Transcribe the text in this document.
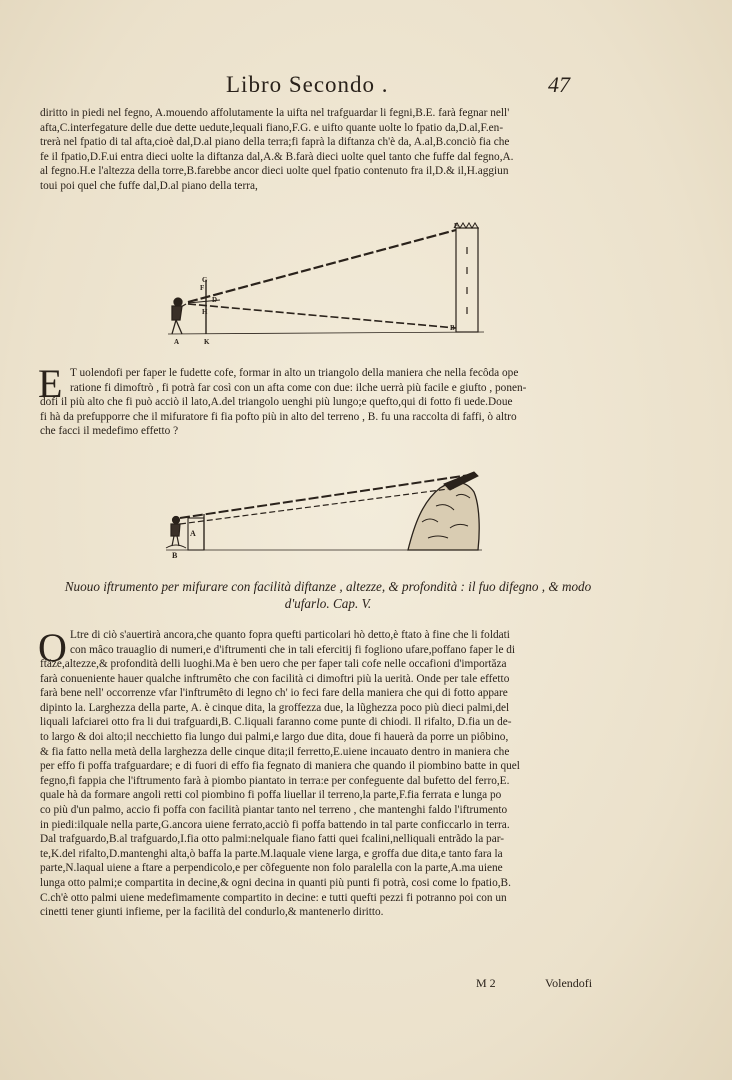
Libro Secondo .	47
diritto in piedi nel fegno, A.mouendo affolutamente la uifta nel trafguardar li fegni,B.E. farà fegnar nell'
afta,C.interfegature delle due dette uedute,lequali fiano,F.G. e uifto quante uolte lo fpatio da,D.al,F.en-
trerà nel fpatio di tal afta,cioè dal,D.al piano della terra;fi faprà la diftanza ch'è da, A.al,B.conciò fia che
fe il fpatio,D.F.ui entra dieci uolte la diftanza dal,A.& B.farà dieci uolte quel tanto che fuffe dal fegno,A.
al fegno.H.e l'altezza della torre,B.farebbe ancor dieci uolte quel fpatio contenuto fra il,D.& il,H.aggiun
toui poi quel che fuffe dal,D.al piano della terra,
E
G
F
D
B
A	K
H
E T uolendofi per faper le fudette cofe, formar in alto un triangolo della maniera che nella fecôda ope
ratione fi dimoftrò , fi potrà far così con un afta come con due: ilche uerrà più facile e giufto , ponen-
dofi il più alto che fi può acciò il lato,A.del triangolo uenghi più lungo;e quefto,qui di fotto fi uede.Doue
fi hà da prefupporre che il mifuratore fi fia pofto più in alto del terreno , B. fu una raccolta di faffi, ò altro
che facci il medefimo effetto ?
A
B
Nuouo iftrumento per mifurare con facilità diftanze , altezze, & profondità : il fuo difegno , & modo
d'ufarlo. Cap. V.
O Ltre di ciò s'auertirà ancora,che quanto fopra quefti particolari hò detto,è ftato à fine che li foldati
con mâco trauaglio di numeri,e d'iftrumenti che in tali efercitij fi fogliono ufare,poffano faper le di
ftăze,altezze,& profondità delli luoghi.Ma è ben uero che per faper tali cofe nelle occafioni d'importăza
farà conueniente hauer qualche inftrumêto che con facilità ci dimoftri più la uerità. Onde per tale effetto
farà bene nell' occorrenze vfar l'inftrumêto di legno ch' io feci fare della maniera che qui di fotto appare
dipinto la. Larghezza della parte, A. è cinque dita, la groffezza due, la lũghezza poco più dieci palmi,del
liquali lafciarei otto fra li dui trafguardi,B. C.liquali faranno come punte di chiodi. Il rifalto, D.fia un de-
to largo & doi alto;il necchietto fia lungo dui palmi,e largo due dita, doue fi hauerà da porre un piôbino,
& fia fatto nella metà della larghezza delle cinque dita;il ferretto,E.uiene incauato dentro in maniera che
per effo fi poffa trafguardare; e di fuori di effo fia fegnato di maniera che quando il piombino batte in quel
fegno,fi fappia che l'iftrumento farà à piombo piantato in terra:e per confeguente dal bufetto del ferro,E.
quale hà da formare angoli retti col piombino fi poffa liuellar il terreno,la parte,F.fia ferrata e lunga po
co più d'un palmo, accio fi poffa con facilità piantar tanto nel terreno , che mantenghi faldo l'iftrumento
in piedi:ilquale nella parte,G.ancora uiene ferrato,acciò fi poffa battendo in tal parte conficcarlo in terra.
Dal trafguardo,B.al trafguardo,I.fia otto palmi:nelquale fiano fatti quei fcalini,nelliquali entrãdo la par-
te,K.del rifalto,D.mantenghi alta,ò baffa la parte.M.laquale viene larga, e groffa due dita,e tanto fara la
parte,N.laqual uiene a ftare a perpendicolo,e per cõfeguente non folo paralella con la parte,A.ma uiene
lunga otto palmi;e compartita in decine,& ogni decina in quanti più punti fi potrà, cosi come lo fpatio,B.
C.ch'è otto palmi uiene medefimamente compartito in decine: e tutti quefti pezzi fi potranno poi con un
cinetti tener giunti infieme, per la facilità del condurlo,& mantenerlo diritto.
M 2	Volendofi
